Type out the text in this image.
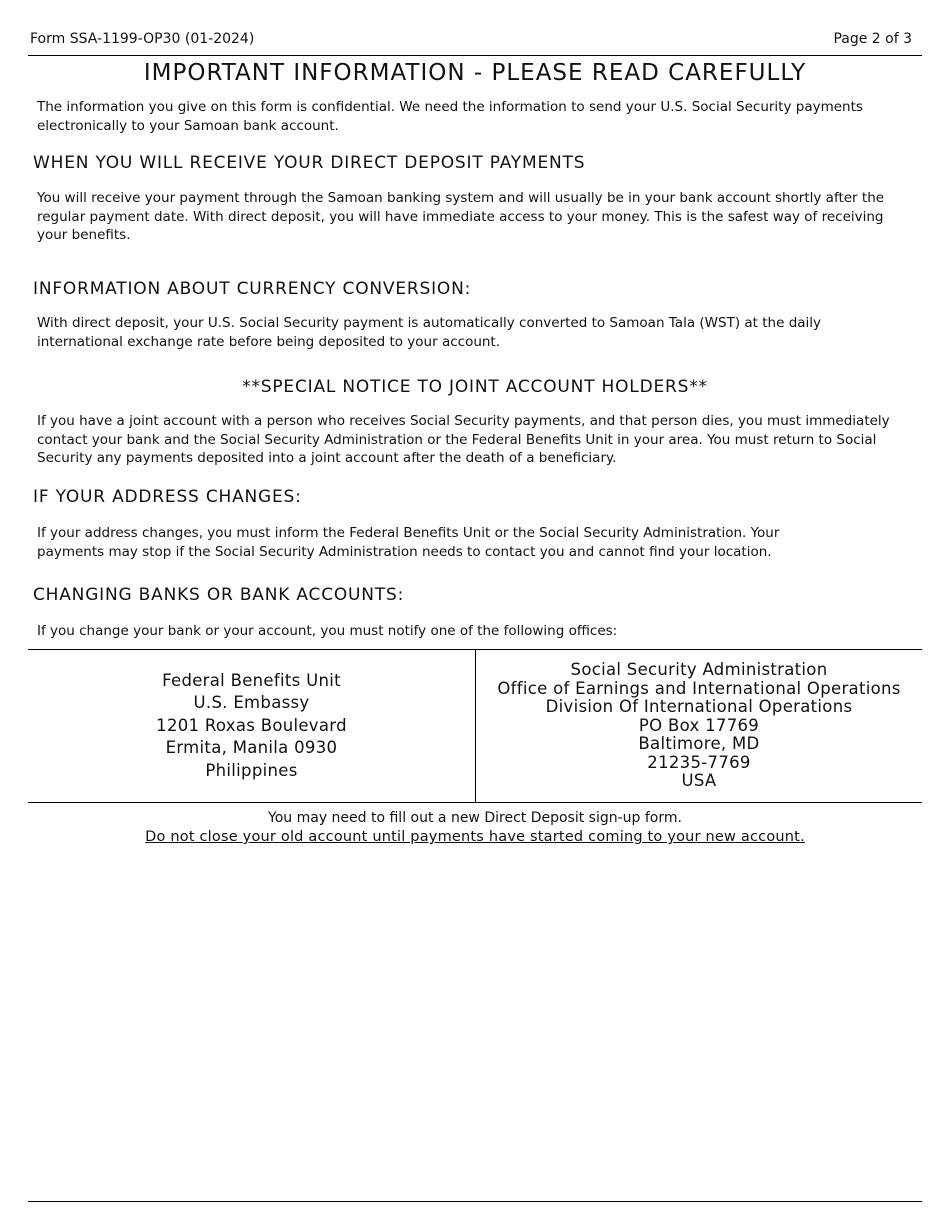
Form SSA-1199-OP30 (01-2024)	Page 2 of 3
IMPORTANT INFORMATION - PLEASE READ CAREFULLY
The information you give on this form is confidential. We need the information to send your U.S. Social Security payments electronically to your Samoan bank account.
WHEN YOU WILL RECEIVE YOUR DIRECT DEPOSIT PAYMENTS
You will receive your payment through the Samoan banking system and will usually be in your bank account shortly after the regular payment date. With direct deposit, you will have immediate access to your money. This is the safest way of receiving your benefits.
INFORMATION ABOUT CURRENCY CONVERSION:
With direct deposit, your U.S. Social Security payment is automatically converted to Samoan Tala (WST) at the daily international exchange rate before being deposited to your account.
**SPECIAL NOTICE TO JOINT ACCOUNT HOLDERS**
If you have a joint account with a person who receives Social Security payments, and that person dies, you must immediately contact your bank and the Social Security Administration or the Federal Benefits Unit in your area. You must return to Social Security any payments deposited into a joint account after the death of a beneficiary.
IF YOUR ADDRESS CHANGES:
If your address changes, you must inform the Federal Benefits Unit or the Social Security Administration. Your
payments may stop if the Social Security Administration needs to contact you and cannot find your location.
CHANGING BANKS OR BANK ACCOUNTS:
If you change your bank or your account, you must notify one of the following offices:
Federal Benefits Unit
U.S. Embassy
1201 Roxas Boulevard
Ermita, Manila 0930
Philippines
Social Security Administration
Office of Earnings and International Operations
Division Of International Operations
PO Box 17769
Baltimore, MD
21235-7769
USA
You may need to fill out a new Direct Deposit sign-up form.
Do not close your old account until payments have started coming to your new account.
